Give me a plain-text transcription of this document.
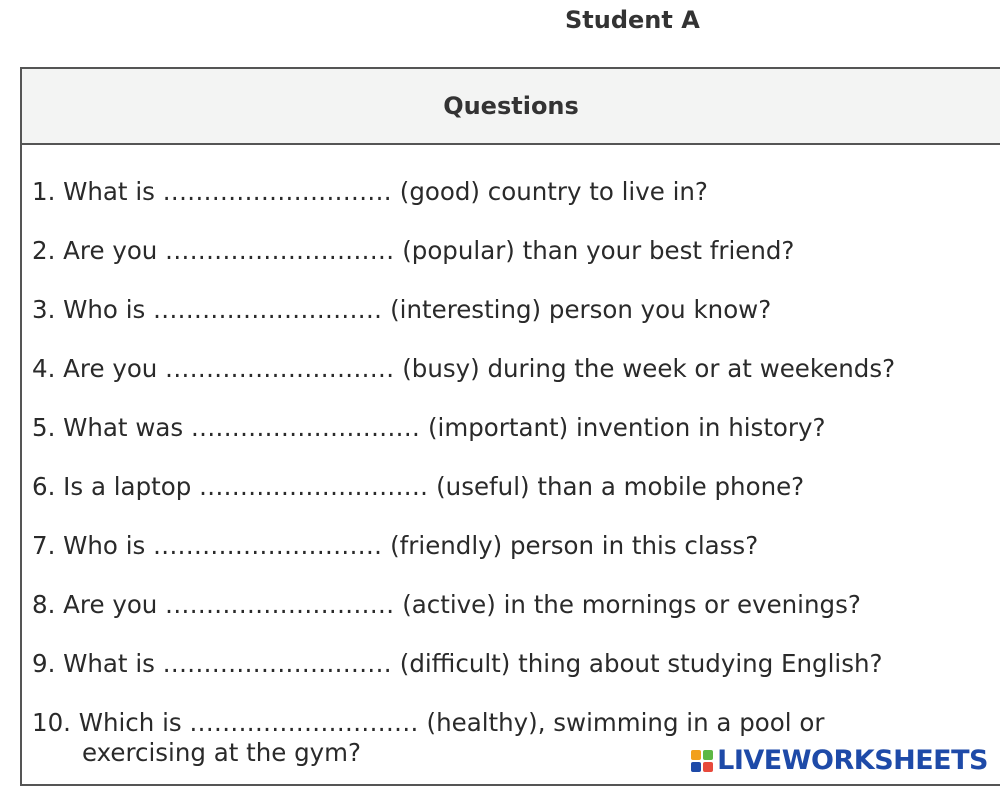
Student A
Questions
1. What is ............................ (good) country to live in?
2. Are you ............................ (popular) than your best friend?
3. Who is ............................ (interesting) person you know?
4. Are you ............................ (busy) during the week or at weekends?
5. What was ............................ (important) invention in history?
6. Is a laptop ............................ (useful) than a mobile phone?
7. Who is ............................ (friendly) person in this class?
8. Are you ............................ (active) in the mornings or evenings?
9. What is ............................ (difficult) thing about studying English?
10. Which is ............................ (healthy), swimming in a pool or
exercising at the gym?	LIVEWORKSHEETS
